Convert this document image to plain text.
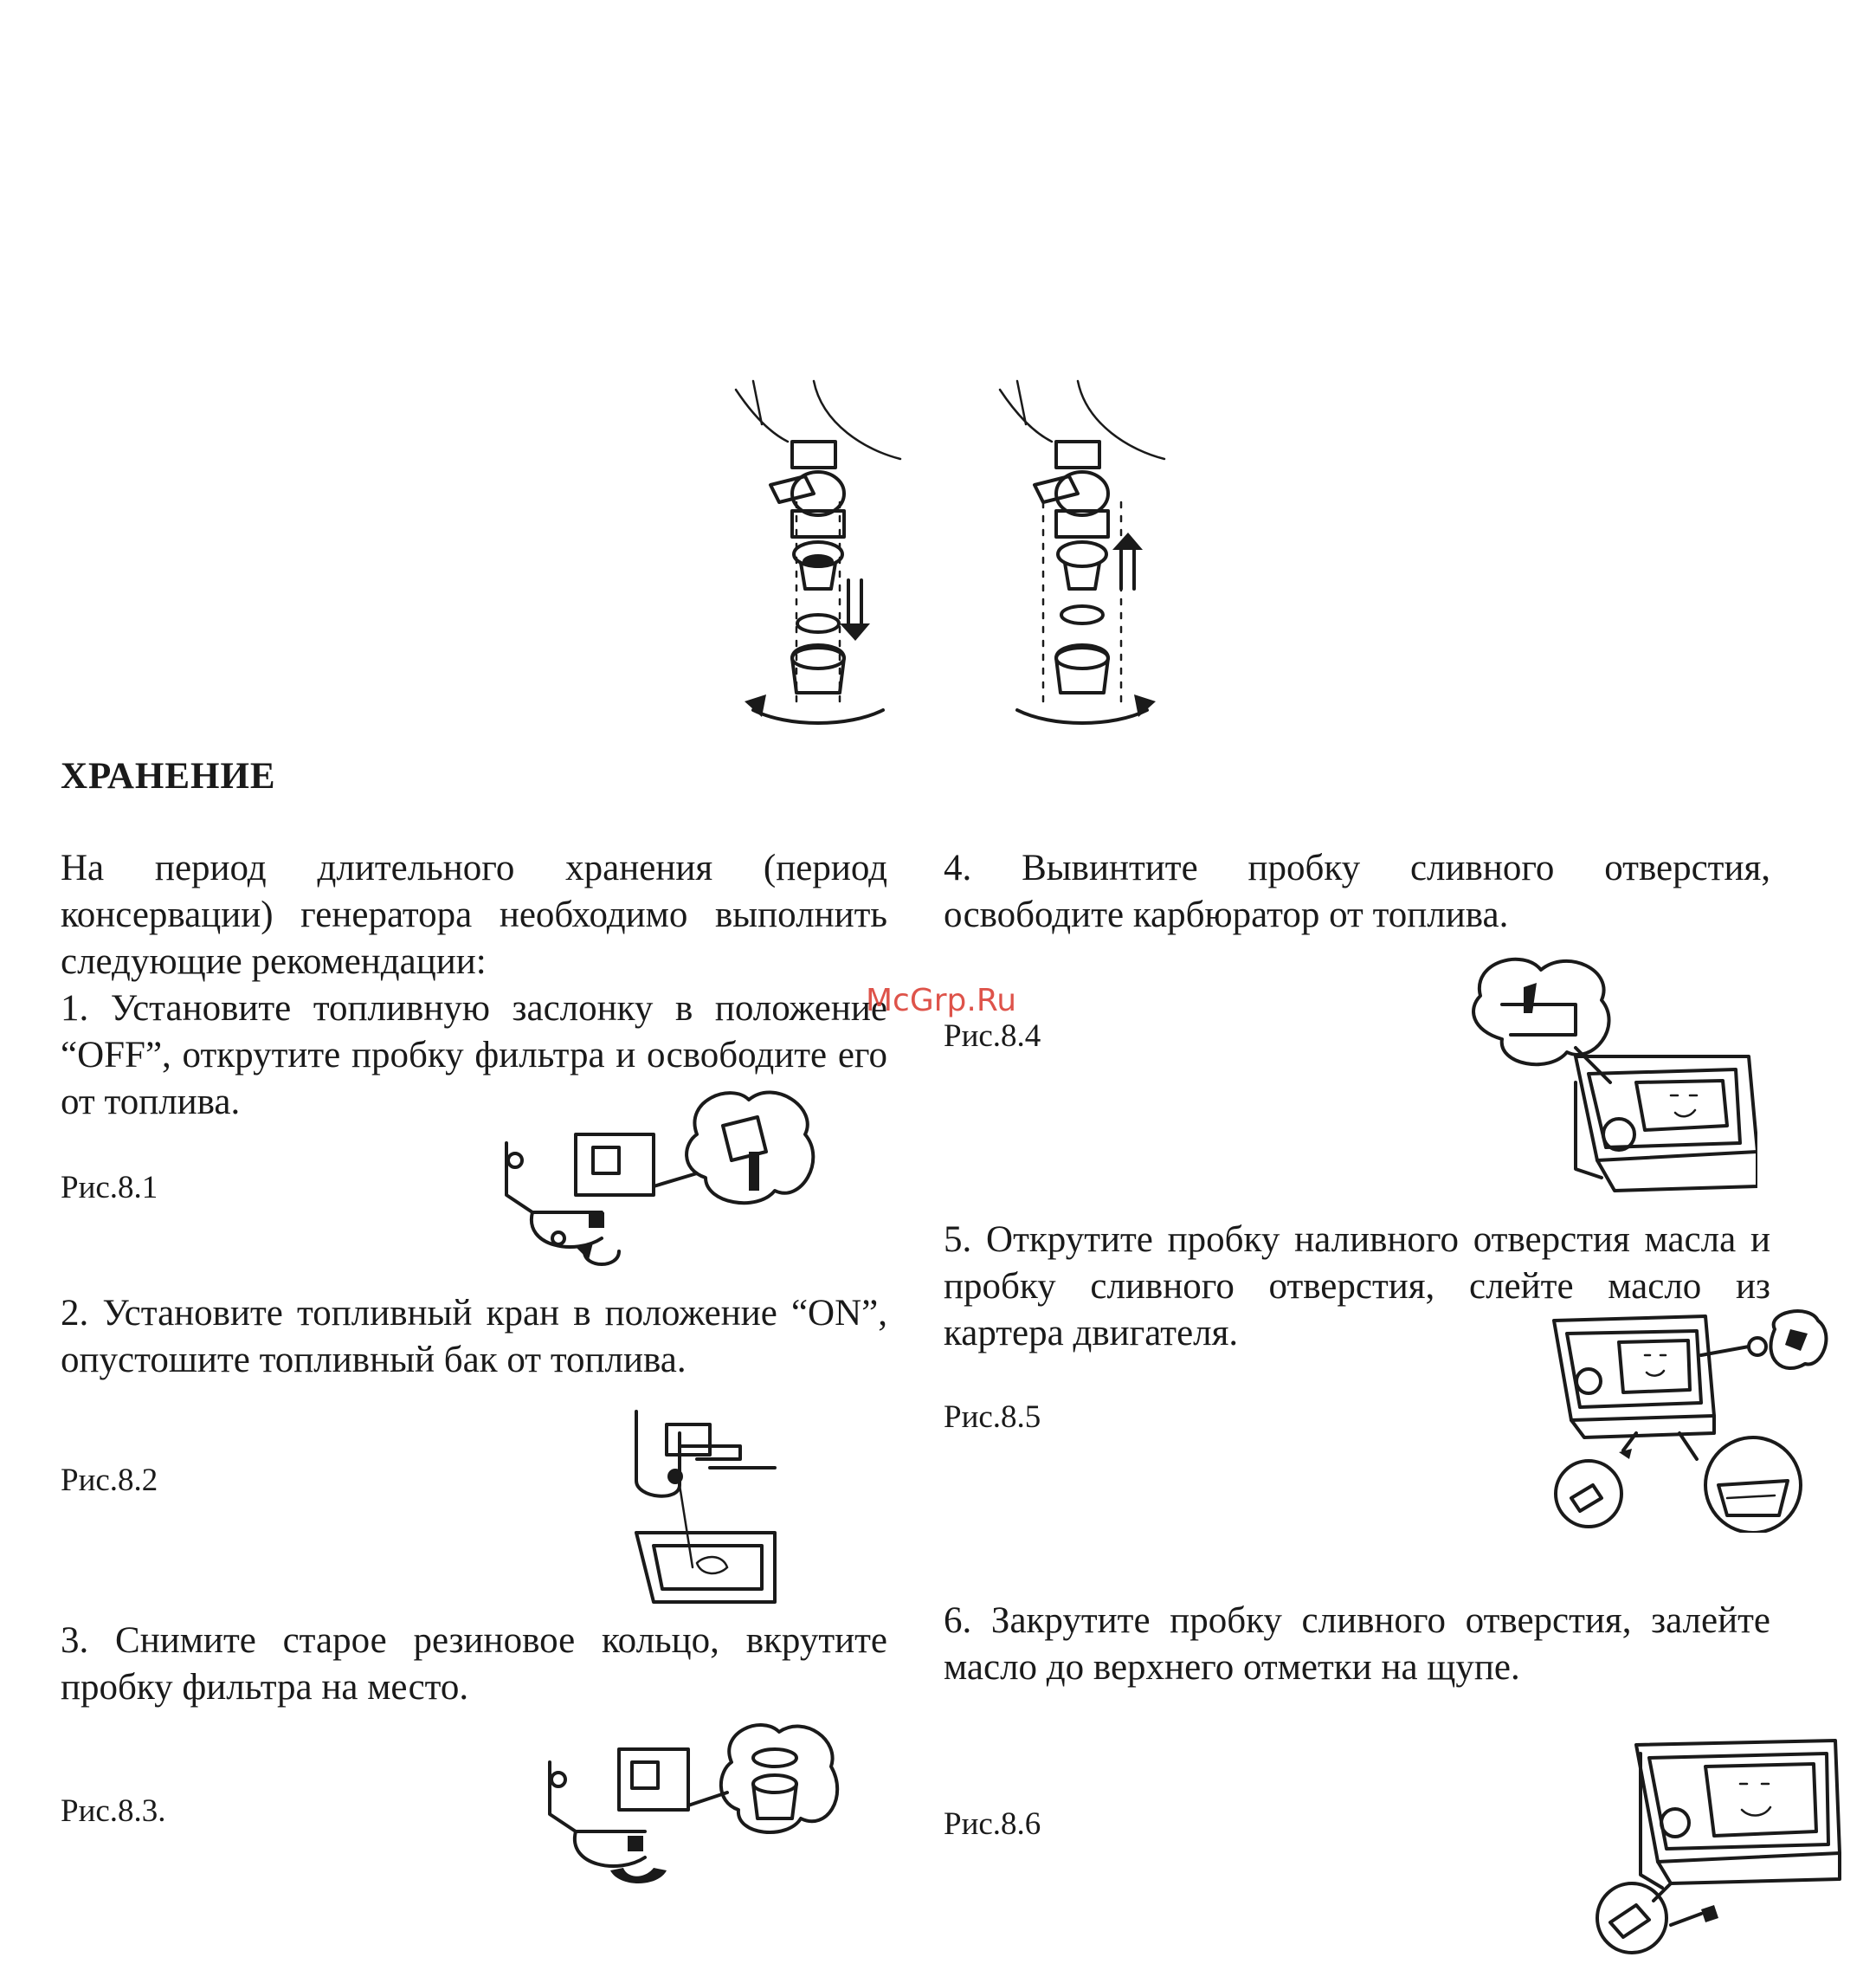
ХРАНЕНИЕ
На период длительного хранения (период консервации) генератора необходимо выполнить следующие рекомендации:
1. Установите топливную заслонку в положение “OFF”, открутите пробку фильтра и освободите его от топлива.
Рис.8.1
2. Установите топливный кран в положение “ON”, опустошите топливный бак от топлива.
Рис.8.2
3. Снимите старое резиновое кольцо, вкрутите пробку фильтра на место.
Рис.8.3.
McGrp.Ru
4. Вывинтите пробку сливного отверстия, освободите карбюратор от топлива.
Рис.8.4
5. Открутите пробку наливного отверстия масла и пробку сливного отверстия, слейте масло из картера двигателя.
Рис.8.5
6. Закрутите пробку сливного отверстия, залейте масло до верхнего отметки на щупе.
Рис.8.6
